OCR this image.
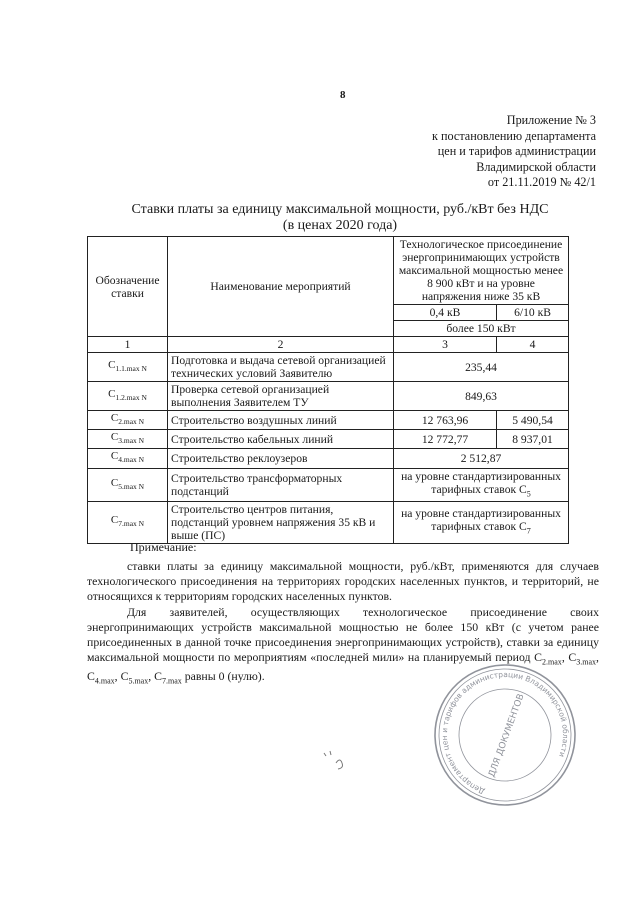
8
Приложение № 3
к постановлению департамента
цен и тарифов администрации
Владимирской области
от 21.11.2019 № 42/1
Ставки платы за единицу максимальной мощности, руб./кВт без НДС
(в ценах 2020 года)
Обозначение ставки	Наименование мероприятий	Технологическое присоединение энергопринимающих устройств максимальной мощностью менее 8 900 кВт и на уровне напряжения ниже 35 кВ	
		0,4 кВ	6/10 кВ
		более 150 кВт	
1	2	3	4
$C_{1.1.max N}$	Подготовка и выдача сетевой организацией технических условий Заявителю	235,44	
$C_{1.2.max N}$	Проверка сетевой организацией выполнения Заявителем ТУ	849,63	
$C_{2.max N}$	Строительство воздушных линий	12 763,96	5 490,54
$C_{3.max N}$	Строительство кабельных линий	12 772,77	8 937,01
$C_{4.max N}$	Строительство реклоузеров	2 512,87	
$C_{5.max N}$	Строительство трансформаторных подстанций	на уровне стандартизированных тарифных ставок $С_5$
$C_{7.max N}$	Строительство центров питания, подстанций уровнем напряжения 35 кВ и выше (ПС)	на уровне стандартизированных тарифных ставок $С_7$
Примечание:
ставки платы за единицу максимальной мощности, руб./кВт, применяются для случаев технологического присоединения на территориях городских населенных пунктов, и территорий, не относящихся к территориям городских населенных пунктов.
Для заявителей, осуществляющих технологическое присоединение своих энергопринимающих устройств максимальной мощностью не более 150 кВт (с учетом ранее присоединенных в данной точке присоединения энергопринимающих устройств), ставки за единицу максимальной мощности по мероприятиям «последней мили» на планируемый период $С_{2.max}$, $С_{3.max}$, $С_{4.max}$, $С_{5.max}$, $С_{7.max}$ равны 0 (нулю).
Департамент цен и тарифов администрации Владимирской области
ДЛЯ ДОКУМЕНТОВ
